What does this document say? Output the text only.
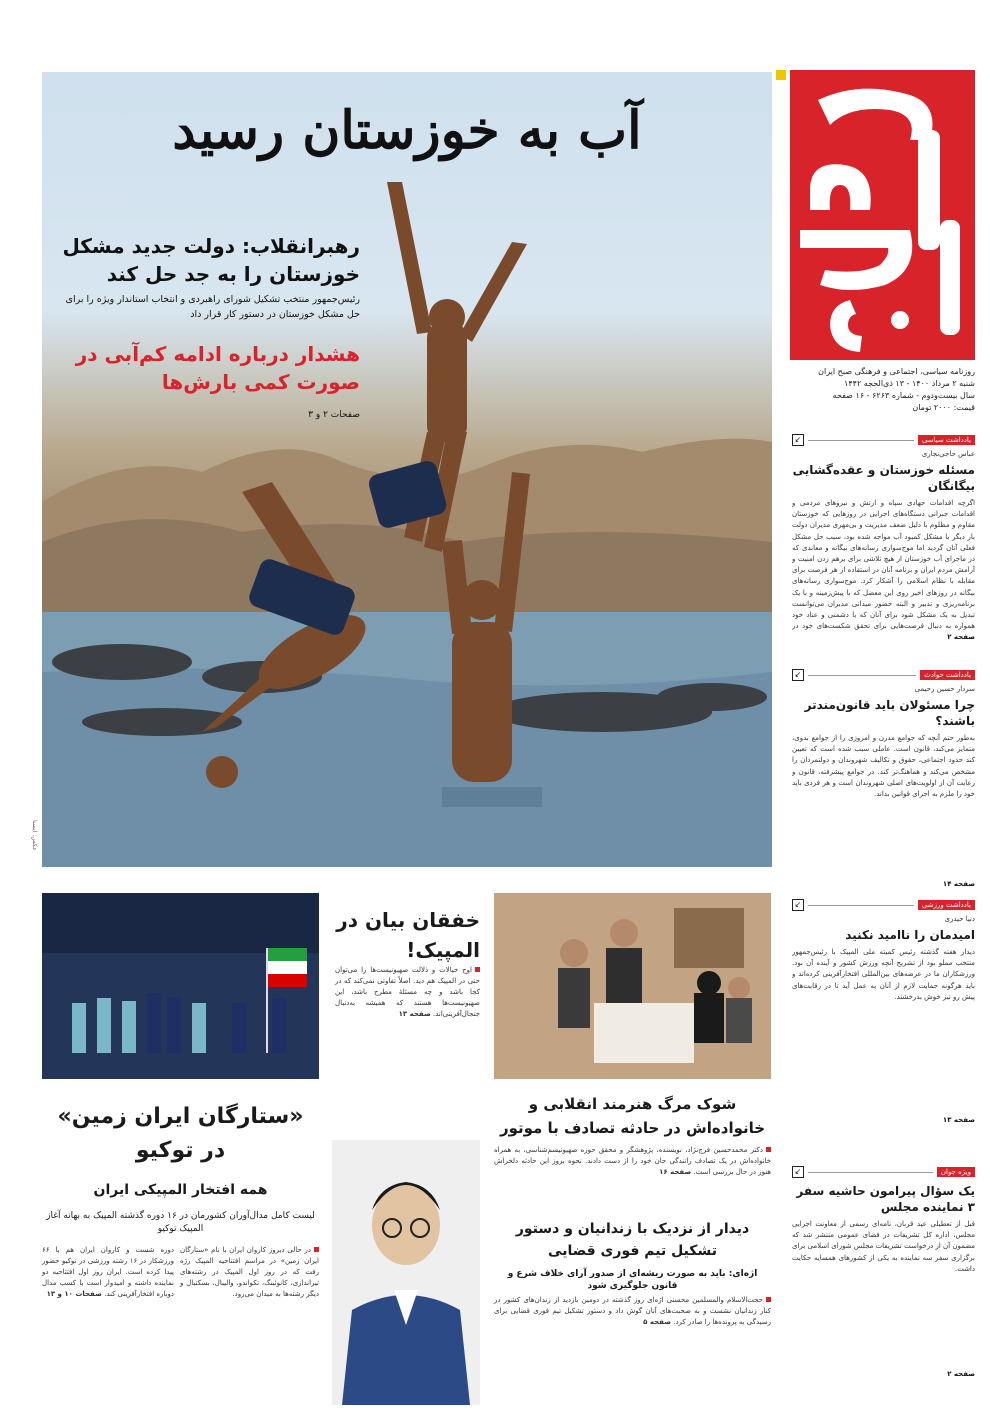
روزنامه سیاسی، اجتماعی و فرهنگی صبح ایران
شنبه ۲ مرداد ۱۴۰۰ - ۱۳ ذی‌الحجه ۱۴۴۲
سال بیست‌ودوم - شماره ۶۲۶۳ - ۱۶ صفحه
قیمت: ۲۰۰۰ تومان
یادداشت سیاسی
↙
عباس حاجی‌نجاری
مسئله خوزستان و عقده‌گشایی بیگانگان
اگرچه اقدامات جهادی سپاه و ارتش و نیروهای مردمی و اقدامات جبرانی دستگاه‌های اجرایی در روزهایی که خوزستان مقاوم و مظلوم با دلیل ضعف مدیریت و بی‌مهری مدیران دولت بار دیگر با مشکل کمبود آب مواجه شده بود، سبب حل مشکل فعلی آنان گردید اما موج‌سواری رسانه‌های بیگانه و معاندی که در ماجرای آب خوزستان از هیچ تلاشی برای برهم زدن امنیت و آرامش مردم ایران و برنامه آنان در استفاده از هر فرصت برای مقابله با نظام اسلامی را آشکار کرد. موج‌سواری رسانه‌های بیگانه در روزهای اخیر روی این معضل که با پیش‌زمینه و با یک برنامه‌ریزی و تدبیر و البته حضور میدانی مدیران می‌توانست تبدیل به یک مشکل شود برای آنان که با دشمنی و عناد خود همواره به دنبال فرصت‌هایی برای تحقق شکست‌های خود در
صفحه ۲
یادداشت حوادث
↙
سردار حسین رحیمی
چرا مسئولان باید قانون‌مندتر باشند؟
به‌طور حتم آنچه که جوامع مدرن و امروزی را از جوامع بدوی، متمایز می‌کند، قانون است. عاملی سبب شده است که تعیین کند حدود اجتماعی، حقوق و تکالیف شهروندان و دولتمردان را مشخص می‌کند و هماهنگ‌تر کند. در جوامع پیشرفته، قانون و رعایت آن از اولویت‌های اصلی شهروندان است و هر فردی باید خود را ملزم به اجرای قوانین بداند.
صفحه ۱۴
یادداشت ورزشی
↙
دنیا حیدری
امیدمان را ناامید نکنید
دیدار هفته گذشته رئیس کمیته ملی المپیک با رئیس‌جمهور منتخب مملو بود از تشریح آنچه ورزش کشور و آینده آن بود. ورزشکاران ما در عرصه‌های بین‌المللی افتخارآفرینی کرده‌اند و باید هرگونه حمایت لازم از آنان به عمل آید تا در رقابت‌های پیش رو نیز خوش بدرخشند.
صفحه ۱۳
ویژه جوان
↙
یک سؤال پیرامون حاشیه سفر ۳ نماینده مجلس
قبل از تعطیلی عید قربان، نامه‌ای رسمی از معاونت اجرایی مجلس، اداره کل تشریفات در فضای عمومی منتشر شد که مضمون آن از درخواست تشریفات مجلس شورای اسلامی برای برگزاری سفر سه نماینده به یکی از کشورهای همسایه حکایت داشت.
صفحه ۲
آب به خوزستان رسید
رهبرانقلاب: دولت جدید مشکل خوزستان را به جد حل کند
رئیس‌جمهور منتخب تشکیل شورای راهبردی و انتخاب استاندار ویژه را برای حل مشکل خوزستان در دستور کار قرار داد
هشدار درباره ادامه کم‌آبی در صورت کمی بارش‌ها
صفحات ۲ و ۳
عکس: ایسنا
«ستارگان ایران زمین» در توکیو
همه افتخار المپیکی ایران
لیست کامل مدال‌آوران کشورمان در ۱۶ دوره گذشته المپیک به بهانه آغاز المپیک توکیو
در حالی دیروز کاروان ایران با نام «ستارگان ایران زمین» در مراسم افتتاحیه المپیک رژه رفت که در روز اول المپیک در رشته‌های تیراندازی، کانوئینگ، تکواندو، والیبال، بسکتبال و دیگر رشته‌ها به میدان می‌رود.
دوره شست و کاروان ایران هم با ۶۶ ورزشکار در ۱۶ رشته ورزشی در توکیو حضور پیدا کرده است. ایران روز اول افتتاحیه دو نماینده داشته و امیدوار است با کسب مدال دوباره افتخارآفرینی کند. صفحات ۱۰ و ۱۳
خفقان بیان در المپیک!
اوج خیالات و ذلالت صهیونیست‌ها را می‌توان حتی در المپیک هم دید. اصلاً تفاوتی نمی‌کند که در کجا باشد و چه مسئلهٔ مطرح باشد، این صهیونیست‌ها هستند که همیشه به‌دنبال جنجال‌آفرینی‌اند. صفحه ۱۳
شوک مرگ هنرمند انقلابی و خانواده‌اش در حادثه تصادف با موتور
دکتر محمدحسین فرج‌نژاد، نویسنده، پژوهشگر و محقق حوزه صهیونیسم‌شناسی، به همراه خانواده‌اش در یک تصادف رانندگی جان خود را از دست دادند. نحوه بروز این حادثه دلخراش هنوز در حال بررسی است. صفحه ۱۶
دیدار از نزدیک با زندانیان و دستور تشکیل تیم فوری قضایی
اژه‌ای: باید به صورت ریشه‌ای از صدور آرای خلاف شرع و قانون جلوگیری شود
حجت‌الاسلام والمسلمین محسنی اژه‌ای روز گذشته در دومین بازدید از زندان‌های کشور در کنار زندانیان نشست و به صحبت‌های آنان گوش داد و دستور تشکیل تیم فوری قضایی برای رسیدگی به پرونده‌ها را صادر کرد. صفحه ۵
